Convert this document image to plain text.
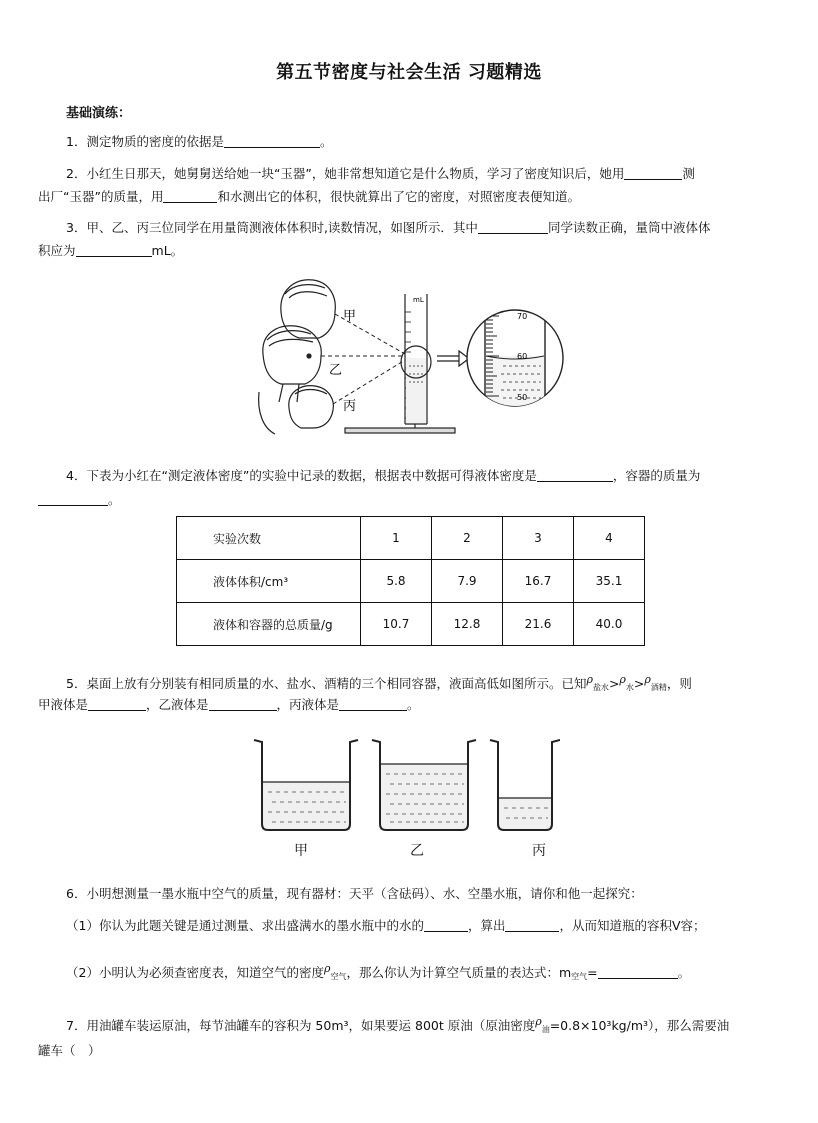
第五节密度与社会生活 习题精选
基础演练：
1．测定物质的密度的依据是	。
2．小红生日那天，她舅舅送给她一块“玉器”，她非常想知道它是什么物质，学习了密度知识后，她用	测
出厂“玉器”的质量，用	和水测出它的体积，很快就算出了它的密度，对照密度表便知道。
3．甲、乙、丙三位同学在用量筒测液体体积时,读数情况，如图所示．其中	同学读数正确，量筒中液体体
积应为	mL。
甲
乙
丙
mL
70
60
50
4．下表为小红在“测定液体密度”的实验中记录的数据，根据表中数据可得液体密度是	，容器的质量为
。
实验次数	1	2	3	4
液体体积/cm³	5.8	7.9	16.7	35.1
液体和容器的总质量/g	10.7	12.8	21.6	40.0
5．桌面上放有分别装有相同质量的水、盐水、酒精的三个相同容器，液面高低如图所示。已知$\rho_{盐水}>\rho_水>\rho_{酒精}$，则
甲液体是	，乙液体是	，丙液体是	。
甲	乙	丙
6．小明想测量一墨水瓶中空气的质量，现有器材：天平（含砝码）、水、空墨水瓶，请你和他一起探究：
（1）你认为此题关键是通过测量、求出盛满水的墨水瓶中的水的	，算出	，从而知道瓶的容积V容；
（2）小明认为必须查密度表，知道空气的密度$\rho_{空气}$，那么你认为计算空气质量的表达式：$m_{空气}=$	。
7．用油罐车装运原油，每节油罐车的容积为 50m³，如果要运 800t 原油（原油密度$\rho_油=0.8\times 10^3kg/m^3$），那么需要油
罐车（　）
